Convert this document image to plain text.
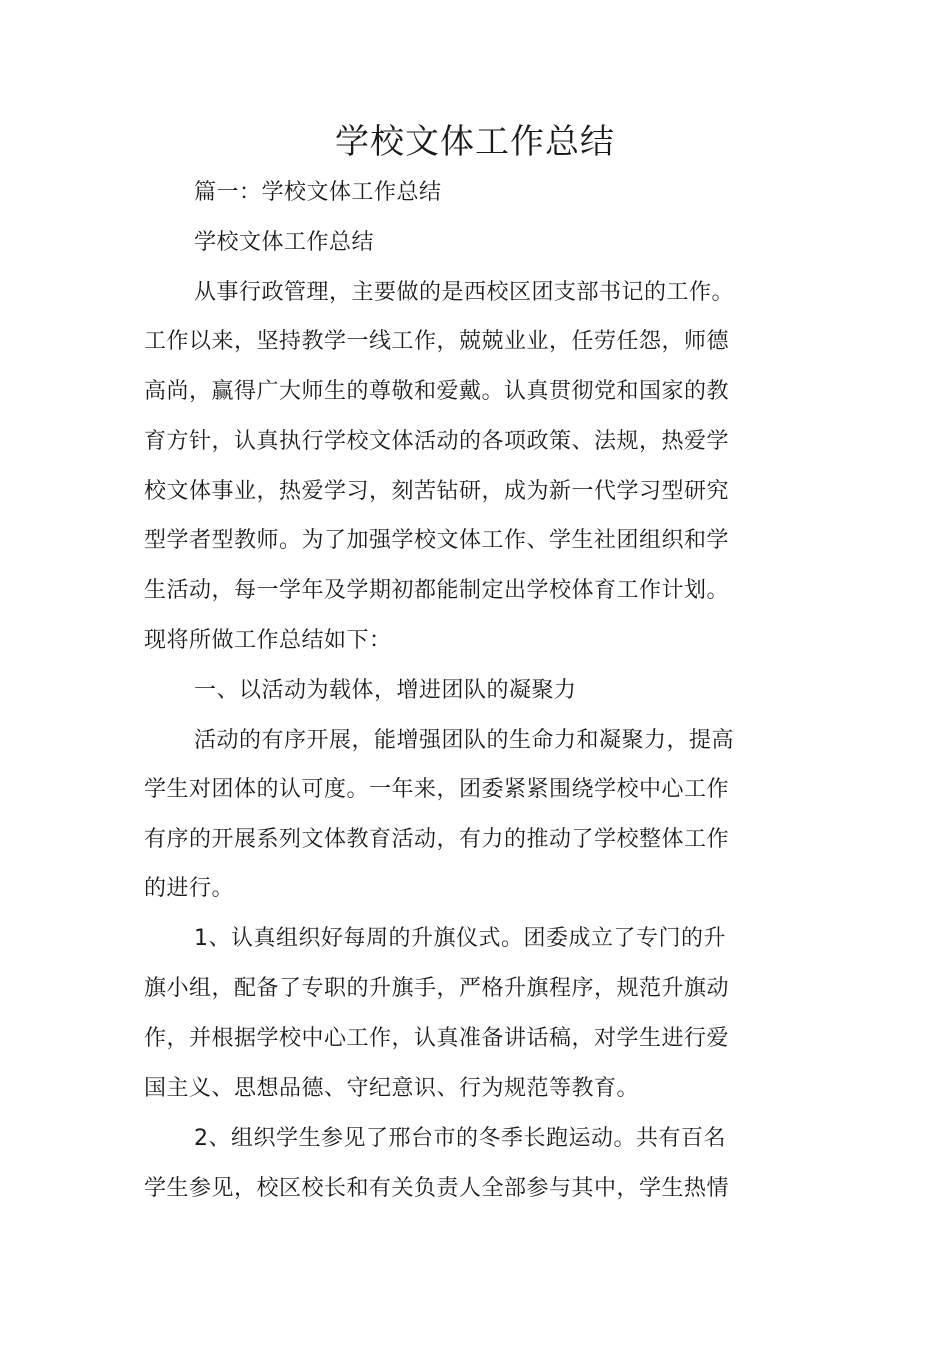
学校文体工作总结

篇一：学校文体工作总结

学校文体工作总结

从事行政管理，主要做的是西校区团支部书记的工作。

工作以来，坚持教学一线工作，兢兢业业，任劳任怨，师德

高尚，赢得广大师生的尊敬和爱戴。认真贯彻党和国家的教

育方针，认真执行学校文体活动的各项政策、法规，热爱学

校文体事业，热爱学习，刻苦钻研，成为新一代学习型研究

型学者型教师。为了加强学校文体工作、学生社团组织和学

生活动，每一学年及学期初都能制定出学校体育工作计划。

现将所做工作总结如下：

一、以活动为载体，增进团队的凝聚力

活动的有序开展，能增强团队的生命力和凝聚力，提高

学生对团体的认可度。一年来，团委紧紧围绕学校中心工作

有序的开展系列文体教育活动，有力的推动了学校整体工作

的进行。

1、认真组织好每周的升旗仪式。团委成立了专门的升

旗小组，配备了专职的升旗手，严格升旗程序，规范升旗动

作，并根据学校中心工作，认真准备讲话稿，对学生进行爱

国主义、思想品德、守纪意识、行为规范等教育。

2、组织学生参见了邢台市的冬季长跑运动。共有百名

学生参见，校区校长和有关负责人全部参与其中，学生热情
